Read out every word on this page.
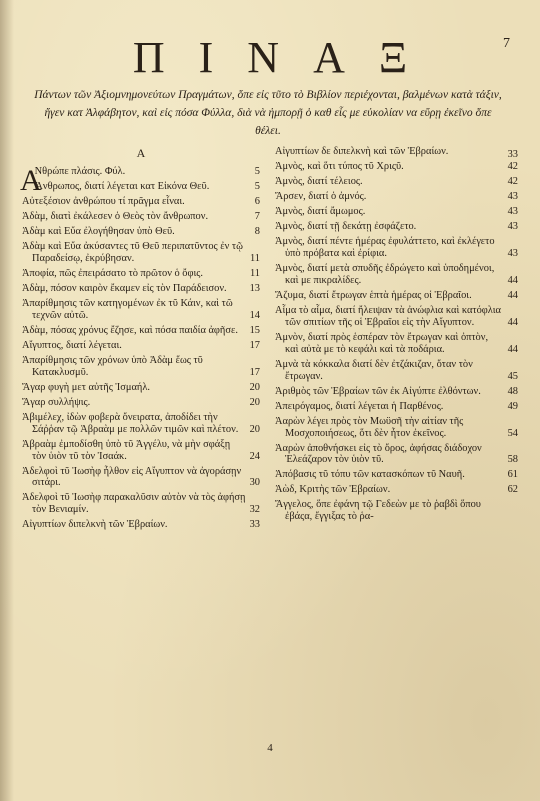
ΠΙΝΑΞ	7
Πάντων τῶν Ἀξιομνημονεύτων Πραγμάτων, ὅπε εἰς τῦτο τὸ Βιβλίον περιέχονται, βαλμένων κατὰ τάξιν, ἤγεν κατ Ἀλφάβητον, καὶ εἰς πόσα Φύλλα, διὰ νὰ ἠμπορῇ ὁ καθ εἷς με εὐκολίαν να εὕρῃ ἐκεῖνο ὅπε θέλει.
Α
Α
Νθρώπε πλάσις. Φύλ.	5
Ἄνθρωπος, διατί λέγεται κατ Εἰκόνα Θεῦ.	5
Αὐτεξέσιον ἀνθρώπου τί πρᾶγμα εἶναι.	6
Ἀδὰμ, διατὶ ἐκάλεσεν ὁ Θεὸς τὸν ἄνθρωπον.	7
Ἀδὰμ καὶ Εὔα ἐλογήθησαν ὑπὸ Θεῦ.	8
Ἀδὰμ καὶ Εὔα ἀκύσαντες τῦ Θεῦ περιπατῦντος ἐν τῷ Παραδείσῳ, ἐκρύβησαν.	11
Ἀποφία, πῶς ἐπειράσατο τὸ πρῶτον ὁ ὄφις.	11
Ἀδὰμ, πόσον καιρὸν ἔκαμεν εἰς τὸν Παράδεισον.	13
Ἀπαρίθμησις τῶν κατηγομένων ἐκ τῦ Κάιν, καὶ τῶ τεχνῶν αὐτῶ.	14
Ἀδὰμ, πόσας χρόνυς ἔζησε, καὶ πόσα παιδία ἀφῆσε.	15
Αἴγυπτος, διατί λέγεται.	17
Ἀπαρίθμησις τῶν χρόνων ὑπὸ Ἀδὰμ ἕως τῦ Κατακλυσμῦ.	17
Ἄγαρ φυγὴ μετ αὐτῆς Ἰσμαήλ.	20
Ἄγαρ συλλήψις.	20
Ἀβιμέλεχ, ἰδὼν φοβερὰ ὄνειρατα, ἀποδίδει τὴν Σάῤῥαν τῷ Ἀβραὰμ με πολλῶν τιμῶν καὶ πλέτον.	20
Ἀβραὰμ ἐμποδίσθη ὑπὸ τῦ Ἀγγέλυ, νὰ μὴν σφάξῃ τὸν ὑιὸν τῦ τὸν Ἰσαάκ.	24
Ἀδελφοὶ τῦ Ἰωσὴφ ἦλθον εἰς Αἴγυπτον νὰ ἀγοράσῃν σιτάρι.	30
Ἀδελφοὶ τῦ Ἰωσὴφ παρακαλῦσιν αὐτὸν νὰ τὸς ἀφήσῃ τὸν Βενιαμίν.	32
Αἰγυπτίων διπελκνὴ τῶν Ἑβραίων.	33
Αἰγυπτίων δε διπελκνὴ καὶ τῶν Ἑβραίων.	33
Ἀμνὸς, καὶ ὅτι τύπος τῦ Χριςῦ.	42
Ἀμνὸς, διατί τέλειος.	42
Ἄρσεν, διατί ὁ ἀμνός.	43
Ἀμνὸς, διατί ἄμωμος.	43
Ἀμνὸς, διατί τῇ δεκάτῃ ἐσφάζετο.	43
Ἀμνὸς, διατί πέντε ἡμέρας ἐφυλάττετο, καὶ ἐκλέγετο ὑπὸ πρόβατα καὶ ἐρίφια.	43
Ἀμνὸς, διατί μετὰ σπυδῆς ἐδρώγετο καὶ ὑποδημένοι, καὶ με πικραλίδες.	44
Ἄζυμα, διατί ἔτρωγαν ἑπτὰ ἡμέρας οἱ Ἑβραῖοι.	44
Αἷμα τὸ αἷμα, διατί ἤλειψαν τὰ ἀνώφλια καὶ κατόφλια τῶν σπιτίων τῆς οἱ Ἑβραῖοι εἰς τὴν Αἴγυπτον.	44
Ἀμνὸν, διατί πρὸς ἑσπέραν τὸν ἔτρωγαν καὶ ὀπτὸν, καὶ αὐτὰ με τὸ κεφάλι καὶ τὰ ποδάρια.	44
Ἀμνὰ τὰ κόκκαλα διατί δὲν ἐτζάκιζαν, ὅταν τὸν ἔτρωγαν.	45
Ἀριθμὸς τῶν Ἑβραίων τῶν ἐκ Αἰγύπτε ἐλθόντων.	48
Ἀπειρόγαμος, διατί λέγεται ἡ Παρθένος.	49
Ἀαρὼν λέγει πρὸς τὸν Μωϋσῆ τὴν αἰτίαν τῆς Μοσχοποιήσεως, ὅτι δὲν ἦτον ἐκεῖνος.	54
Ἀαρὼν ἀποθνήσκει εἰς τὸ ὄρος, ἀφήσας διάδοχον Ἐλεάζαρον τὸν ὑιὸν τῦ.	58
Ἀπόβασις τῦ τόπυ τῶν κατασκόπων τῦ Ναυῆ.	61
Ἀὼδ, Κριτὴς τῶν Ἑβραίων.	62
Ἄγγελος, ὅπε ἐφάνη τῷ Γεδεὼν με τὸ ῥαβδὶ ὅπου ἐβάςα, ἔγγιξας τὸ ῥα-
4
